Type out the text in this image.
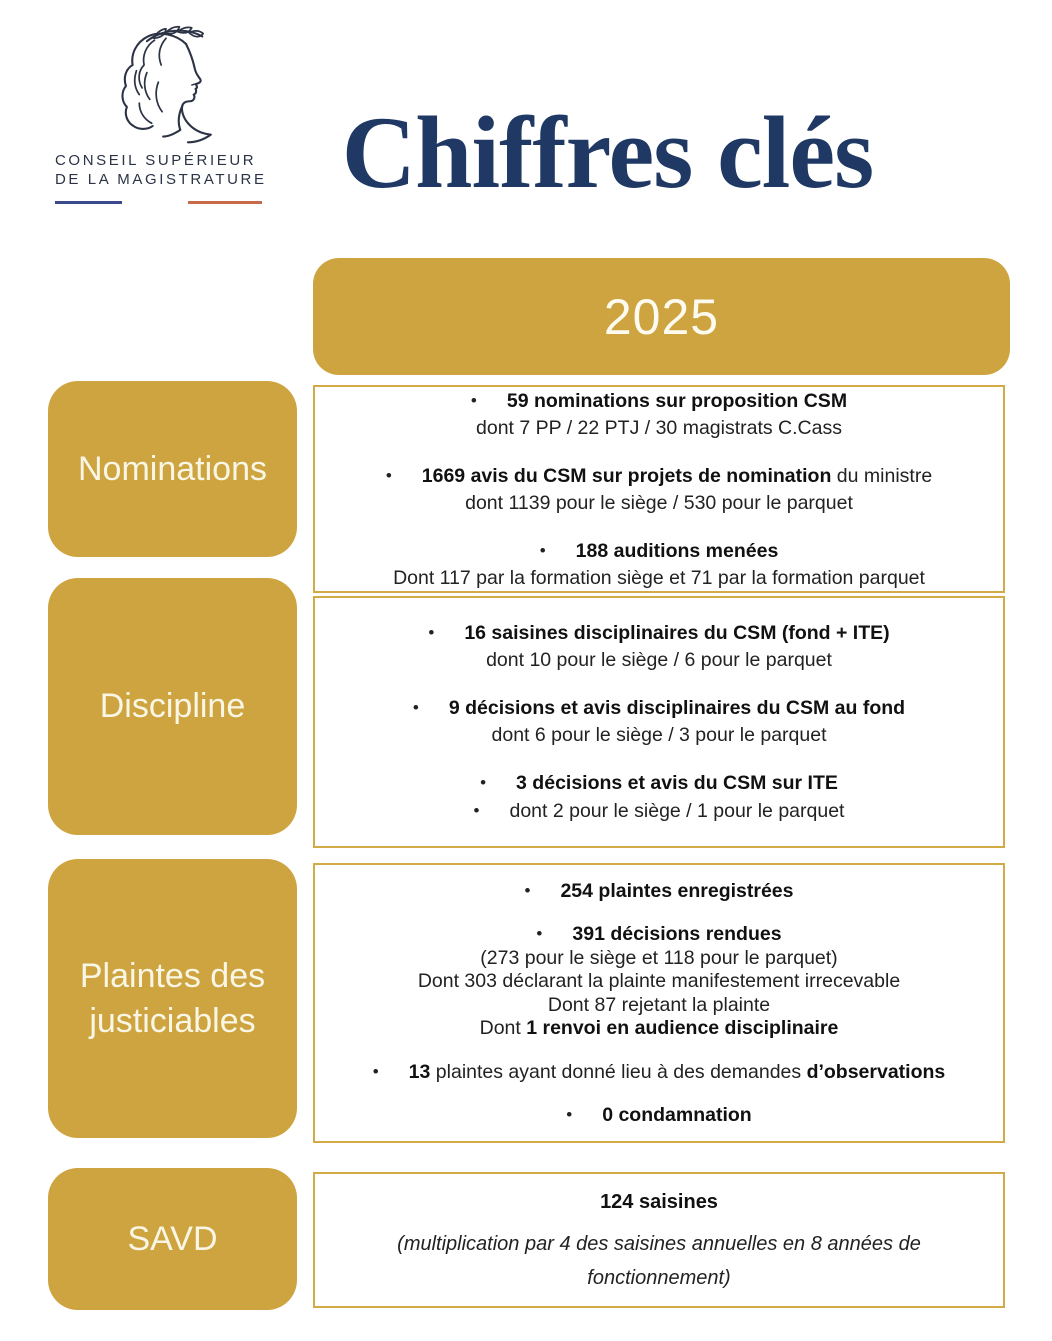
CONSEIL SUPÉRIEUR
DE LA MAGISTRATURE Chiffres clés
2025
Nominations
Discipline
Plaintes des justiciables
SAVD
• 59 nominations sur proposition CSM
dont 7 PP / 22 PTJ / 30 magistrats C.Cass
• 1669 avis du CSM sur projets de nomination du ministre
dont 1139 pour le siège / 530 pour le parquet
• 188 auditions menées
Dont 117 par la formation siège et 71 par la formation parquet
• 16 saisines disciplinaires du CSM (fond + ITE)
dont 10 pour le siège / 6 pour le parquet
• 9 décisions et avis disciplinaires du CSM au fond
dont 6 pour le siège / 3 pour le parquet
• 3 décisions et avis du CSM sur ITE
• dont 2 pour le siège / 1 pour le parquet
• 254 plaintes enregistrées
• 391 décisions rendues
(273 pour le siège et 118 pour le parquet)
Dont 303 déclarant la plainte manifestement irrecevable
Dont 87 rejetant la plainte
Dont 1 renvoi en audience disciplinaire
• 13 plaintes ayant donné lieu à des demandes d’observations
• 0 condamnation
124 saisines
(multiplication par 4 des saisines annuelles en 8 années de fonctionnement)
